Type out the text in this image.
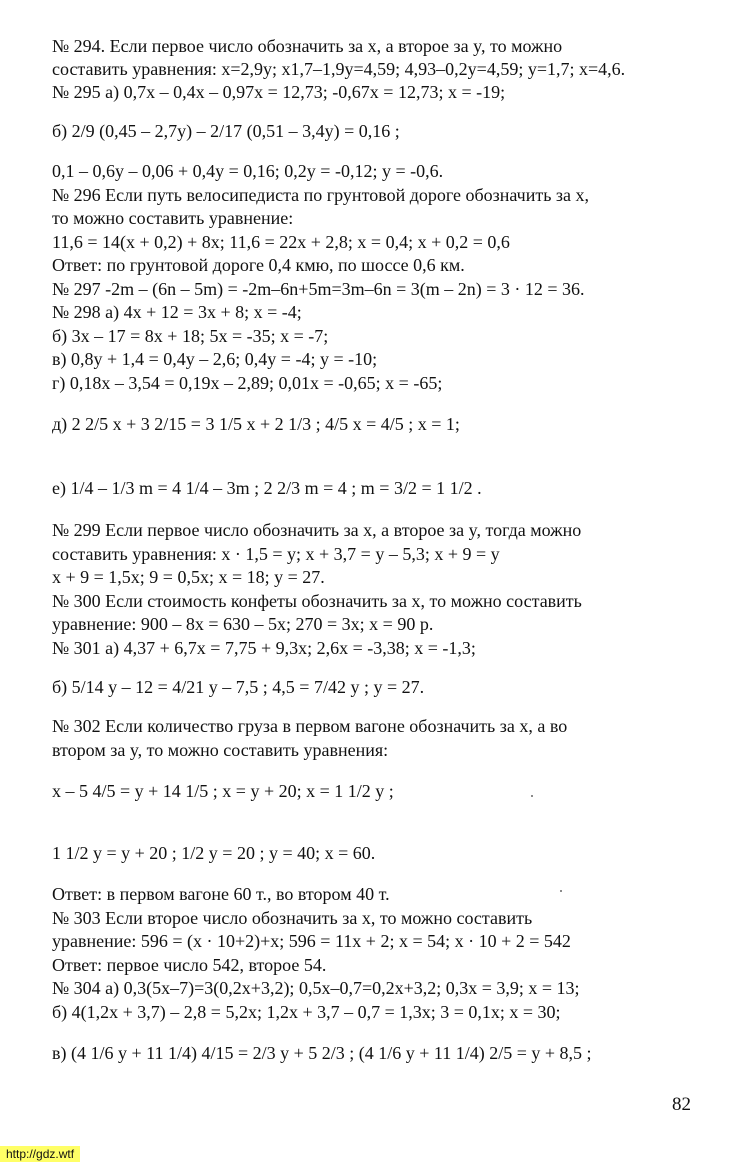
№ 294. Если первое число обозначить за x, а второе за y, то можно
составить уравнения: x=2,9y; x1,7–1,9y=4,59; 4,93–0,2y=4,59; y=1,7; x=4,6.
№ 295 а) 0,7x – 0,4x – 0,97x = 12,73; -0,67x = 12,73; x = -19;
б) 2/9 (0,45 – 2,7y) – 2/17 (0,51 – 3,4y) = 0,16 ;
0,1 – 0,6y – 0,06 + 0,4y = 0,16; 0,2y = -0,12; y = -0,6.
№ 296 Если путь велосипедиста по грунтовой дороге обозначить за x,
то можно составить уравнение:
11,6 = 14(x + 0,2) + 8x; 11,6 = 22x + 2,8; x = 0,4; x + 0,2 = 0,6
Ответ: по грунтовой дороге 0,4 кмю, по шоссе 0,6 км.
№ 297 -2m – (6n – 5m) = -2m–6n+5m=3m–6n = 3(m – 2n) = 3 · 12 = 36.
№ 298 а) 4x + 12 = 3x + 8; x = -4;
б) 3x – 17 = 8x + 18; 5x = -35; x = -7;
в) 0,8y + 1,4 = 0,4y – 2,6; 0,4y = -4; y = -10;
г) 0,18x – 3,54 = 0,19x – 2,89; 0,01x = -0,65; x = -65;
д) 2 2/5 x + 3 2/15 = 3 1/5 x + 2 1/3 ; 4/5 x = 4/5 ; x = 1;
е) 1/4 – 1/3 m = 4 1/4 – 3m ; 2 2/3 m = 4 ; m = 3/2 = 1 1/2 .
№ 299 Если первое число обозначить за x, а второе за y, тогда можно
составить уравнения: x · 1,5 = y; x + 3,7 = y – 5,3; x + 9 = y
x + 9 = 1,5x; 9 = 0,5x; x = 18; y = 27.
№ 300 Если стоимость конфеты обозначить за x, то можно составить
уравнение: 900 – 8x = 630 – 5x; 270 = 3x; x = 90 р.
№ 301 а) 4,37 + 6,7x = 7,75 + 9,3x; 2,6x = -3,38; x = -1,3;
б) 5/14 y – 12 = 4/21 y – 7,5 ; 4,5 = 7/42 y ; y = 27.
№ 302 Если количество груза в первом вагоне обозначить за x, а во
втором за y, то можно составить уравнения:
x – 5 4/5 = y + 14 1/5 ; x = y + 20; x = 1 1/2 y ;
1 1/2 y = y + 20 ; 1/2 y = 20 ; y = 40; x = 60.
Ответ: в первом вагоне 60 т., во втором 40 т.
№ 303 Если второе число обозначить за x, то можно составить
уравнение: 596 = (x · 10+2)+x; 596 = 11x + 2; x = 54; x · 10 + 2 = 542
Ответ: первое число 542, второе 54.
№ 304 а) 0,3(5x–7)=3(0,2x+3,2); 0,5x–0,7=0,2x+3,2; 0,3x = 3,9; x = 13;
б) 4(1,2x + 3,7) – 2,8 = 5,2x; 1,2x + 3,7 – 0,7 = 1,3x; 3 = 0,1x; x = 30;
в) (4 1/6 y + 11 1/4) 4/15 = 2/3 y + 5 2/3 ; (4 1/6 y + 11 1/4) 2/5 = y + 8,5 ;
82
http://gdz.wtf
